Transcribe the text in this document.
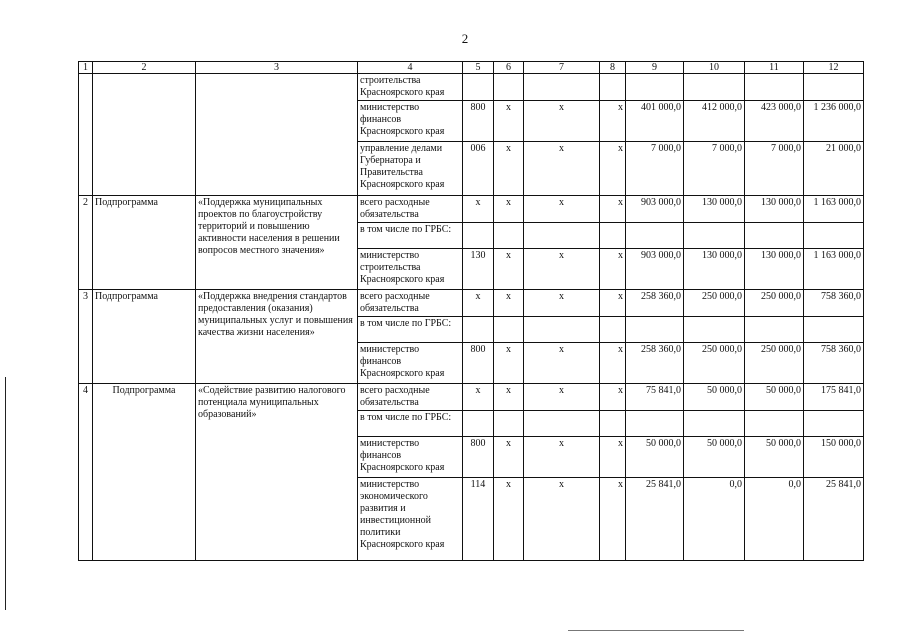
2
1	2	3	4	5	6	7	8	9	10	11	12
			строительства Красноярского края								
			министерство финансов Красноярского края	800	х	х	х	401 000,0	412 000,0	423 000,0	1 236 000,0
			управление делами Губернатора и Правительства Красноярского края	006	х	х	х	7 000,0	7 000,0	7 000,0	21 000,0
2	Подпрограмма	«Поддержка муниципальных проектов по благоустройству территорий и повышению активности населения в решении вопросов местного значения»	всего расходные обязательства	х	х	х	х	903 000,0	130 000,0	130 000,0	1 163 000,0
			в том числе по ГРБС:								
			министерство строительства Красноярского края	130	х	х	х	903 000,0	130 000,0	130 000,0	1 163 000,0
3	Подпрограмма	«Поддержка внедрения стандартов предоставления (оказания) муниципальных услуг и повышения качества жизни населения»	всего расходные обязательства	х	х	х	х	258 360,0	250 000,0	250 000,0	758 360,0
			в том числе по ГРБС:								
			министерство финансов Красноярского края	800	х	х	х	258 360,0	250 000,0	250 000,0	758 360,0
4	Подпрограмма	«Содействие развитию налогового потенциала муниципальных образований»	всего расходные обязательства	х	х	х	х	75 841,0	50 000,0	50 000,0	175 841,0
			в том числе по ГРБС:								
			министерство финансов Красноярского края	800	х	х	х	50 000,0	50 000,0	50 000,0	150 000,0
			министерство экономического развития и инвестиционной политики Красноярского края	114	х	х	х	25 841,0	0,0	0,0	25 841,0
